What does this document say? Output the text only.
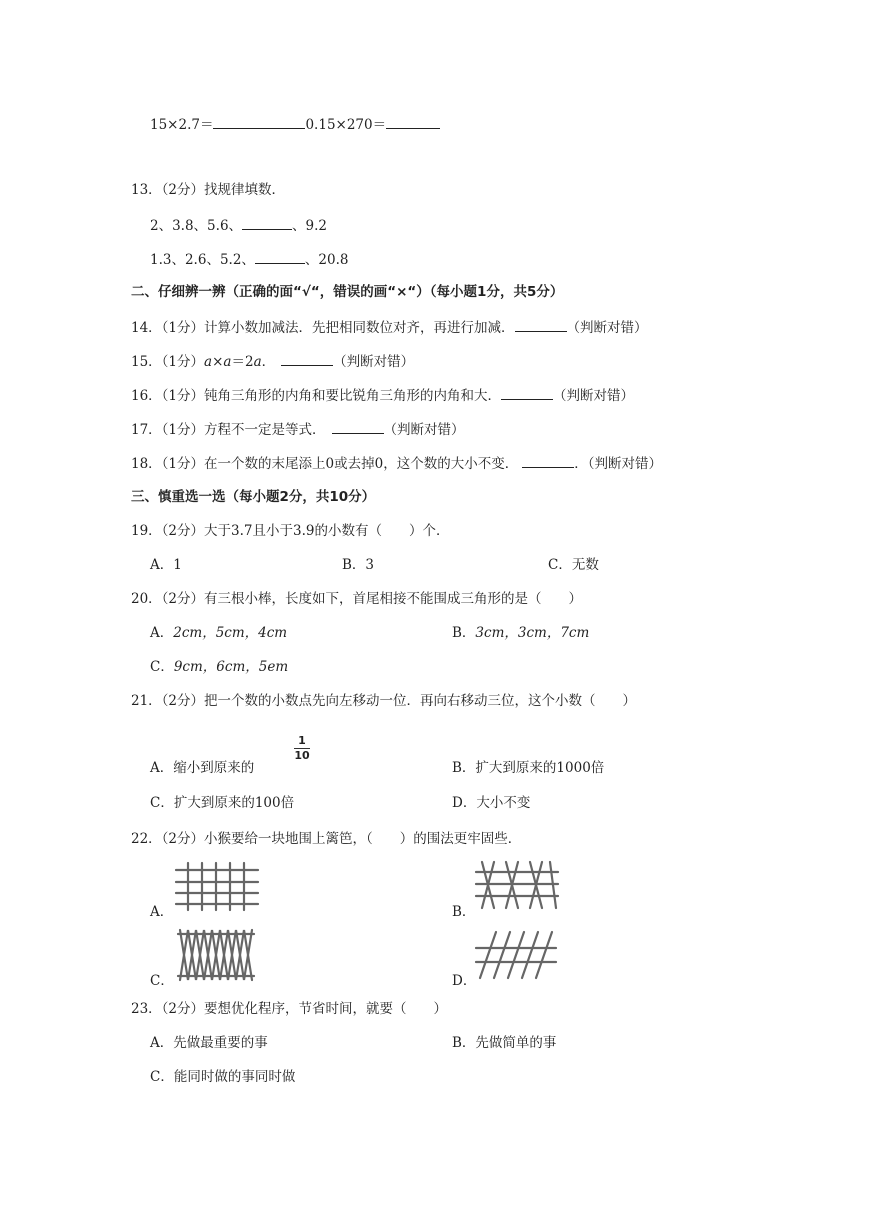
15×2.7＝	0.15×270＝
13．（2分）找规律填数．
2、3.8、5.6、	、9.2
1.3、2.6、5.2、	、20.8
二、仔细辨一辨（正确的面“√“，错误的画“×“）（每小题1分，共5分）
14．（1分）计算小数加减法．先把相同数位对齐，再进行加减．	（判断对错）
15．（1分）a×a＝2a．	（判断对错）
16．（1分）钝角三角形的内角和要比锐角三角形的内角和大．	（判断对错）
17．（1分）方程不一定是等式．	（判断对错）
18．（1分）在一个数的末尾添上0或去掉0，这个数的大小不变．	．（判断对错）
三、慎重选一选（每小题2分，共10分）
19．（2分）大于3.7且小于3.9的小数有（　　）个．
A．1	B．3	C．无数
20．（2分）有三根小棒，长度如下，首尾相接不能围成三角形的是（　　）
A．2cm，5cm，4cm	B．3cm，3cm，7cm
C．9cm，6cm，5em
21．（2分）把一个数的小数点先向左移动一位．再向右移动三位，这个小数（　　）
A．缩小到原来的
1
10
B．扩大到原来的1000倍
C．扩大到原来的100倍	D．大小不变
22．（2分）小猴要给一块地围上篱笆，（　　）的围法更牢固些．
A．	B．
C．	D．
23．（2分）要想优化程序，节省时间，就要（　　）
A．先做最重要的事	B．先做简单的事
C．能同时做的事同时做
